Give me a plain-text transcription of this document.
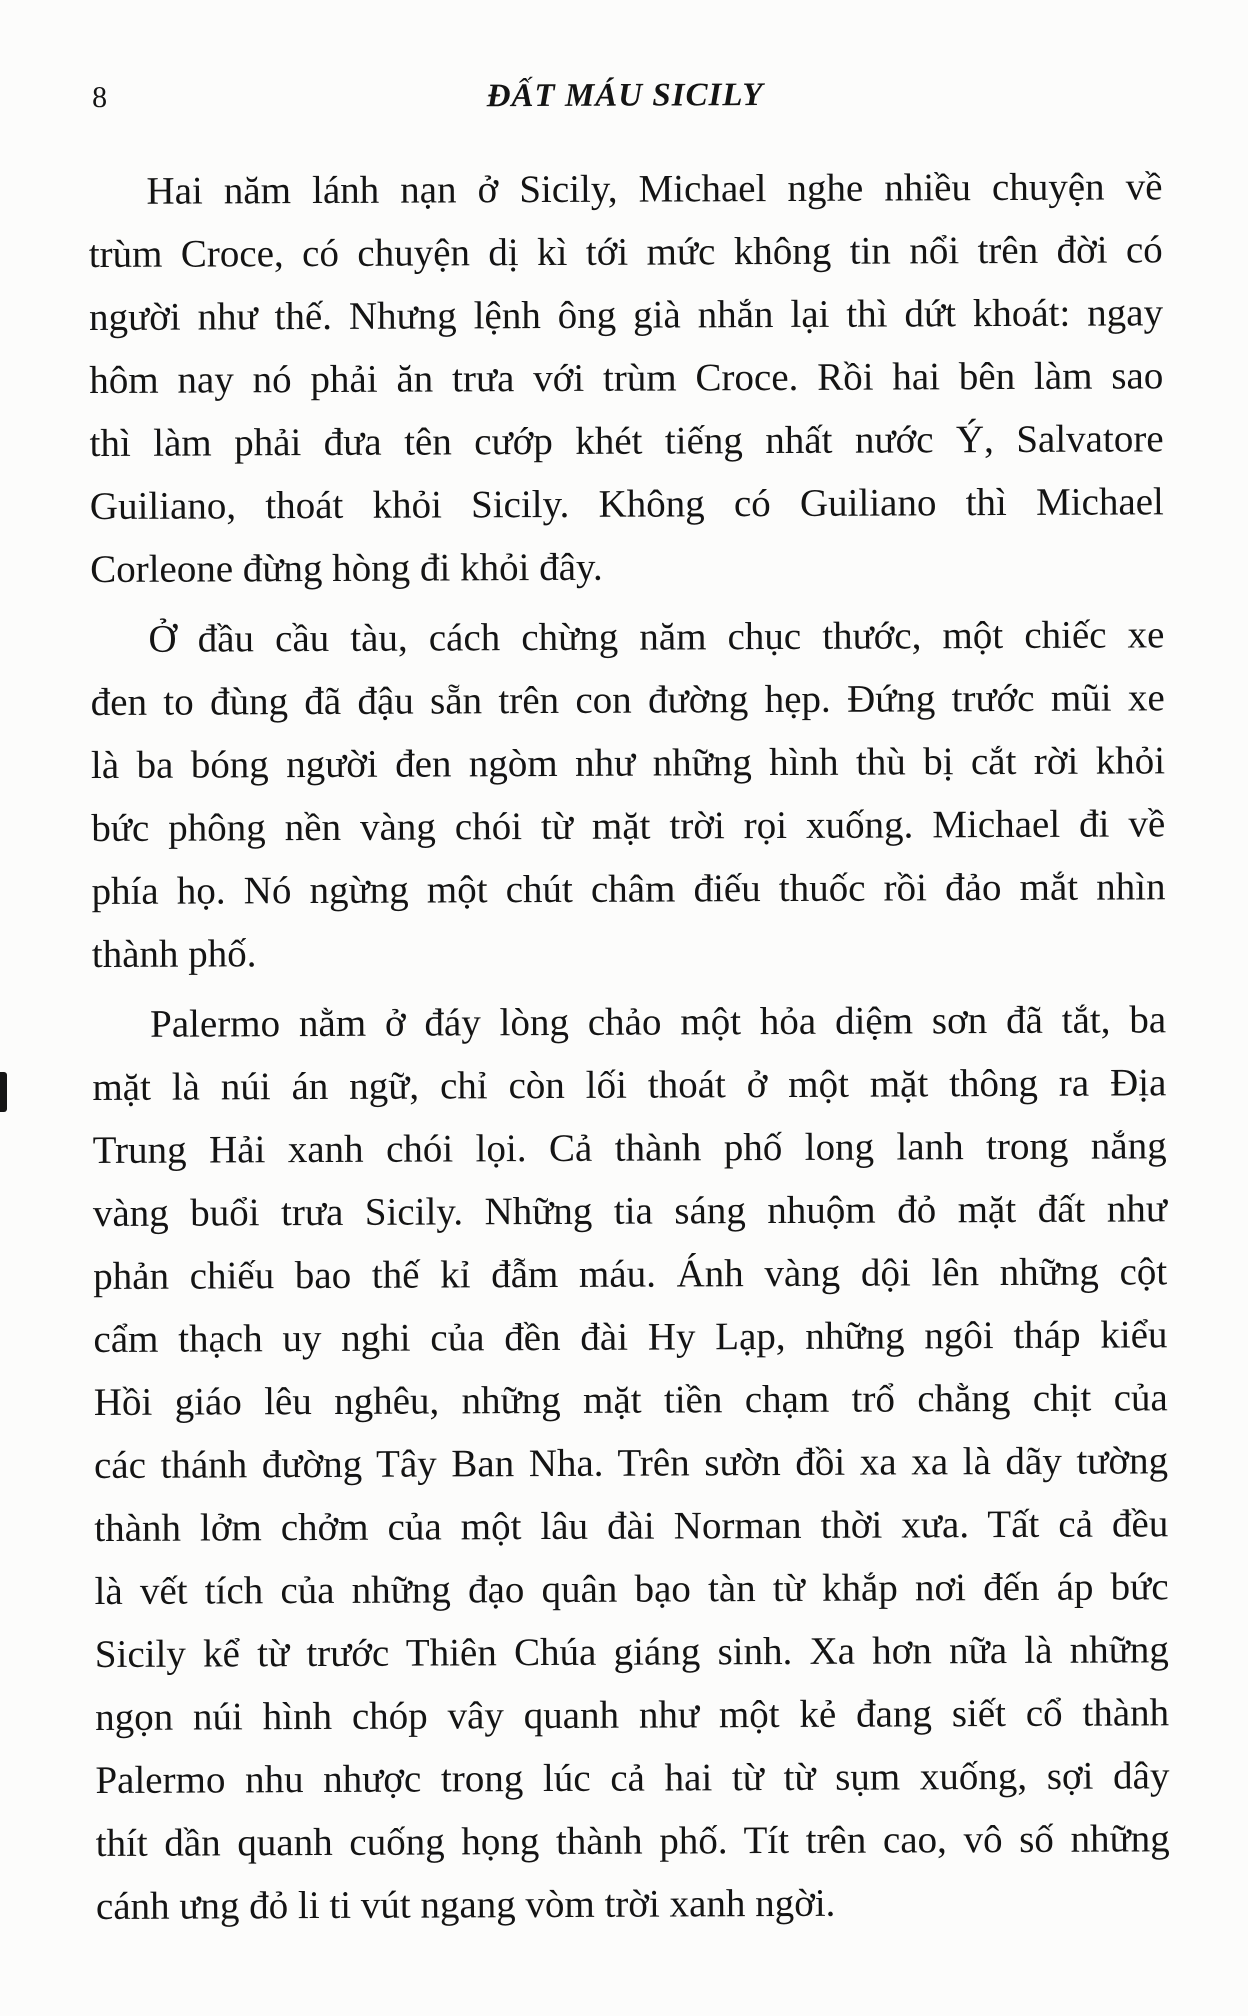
8	ĐẤT MÁU SICILY
Hai năm lánh nạn ở Sicily, Michael nghe nhiều chuyện về
trùm Croce, có chuyện dị kì tới mức không tin nổi trên đời có
người như thế. Nhưng lệnh ông già nhắn lại thì dứt khoát: ngay
hôm nay nó phải ăn trưa với trùm Croce. Rồi hai bên làm sao
thì làm phải đưa tên cướp khét tiếng nhất nước Ý, Salvatore
Guiliano, thoát khỏi Sicily. Không có Guiliano thì Michael
Corleone đừng hòng đi khỏi đây.
Ở đầu cầu tàu, cách chừng năm chục thước, một chiếc xe
đen to đùng đã đậu sẵn trên con đường hẹp. Đứng trước mũi xe
là ba bóng người đen ngòm như những hình thù bị cắt rời khỏi
bức phông nền vàng chói từ mặt trời rọi xuống. Michael đi về
phía họ. Nó ngừng một chút châm điếu thuốc rồi đảo mắt nhìn
thành phố.
Palermo nằm ở đáy lòng chảo một hỏa diệm sơn đã tắt, ba
mặt là núi án ngữ, chỉ còn lối thoát ở một mặt thông ra Địa
Trung Hải xanh chói lọi. Cả thành phố long lanh trong nắng
vàng buổi trưa Sicily. Những tia sáng nhuộm đỏ mặt đất như
phản chiếu bao thế kỉ đẫm máu. Ánh vàng dội lên những cột
cẩm thạch uy nghi của đền đài Hy Lạp, những ngôi tháp kiểu
Hồi giáo lêu nghêu, những mặt tiền chạm trổ chằng chịt của
các thánh đường Tây Ban Nha. Trên sườn đồi xa xa là dãy tường
thành lởm chởm của một lâu đài Norman thời xưa. Tất cả đều
là vết tích của những đạo quân bạo tàn từ khắp nơi đến áp bức
Sicily kể từ trước Thiên Chúa giáng sinh. Xa hơn nữa là những
ngọn núi hình chóp vây quanh như một kẻ đang siết cổ thành
Palermo nhu nhược trong lúc cả hai từ từ sụm xuống, sợi dây
thít dần quanh cuống họng thành phố. Tít trên cao, vô số những
cánh ưng đỏ li ti vút ngang vòm trời xanh ngời.
